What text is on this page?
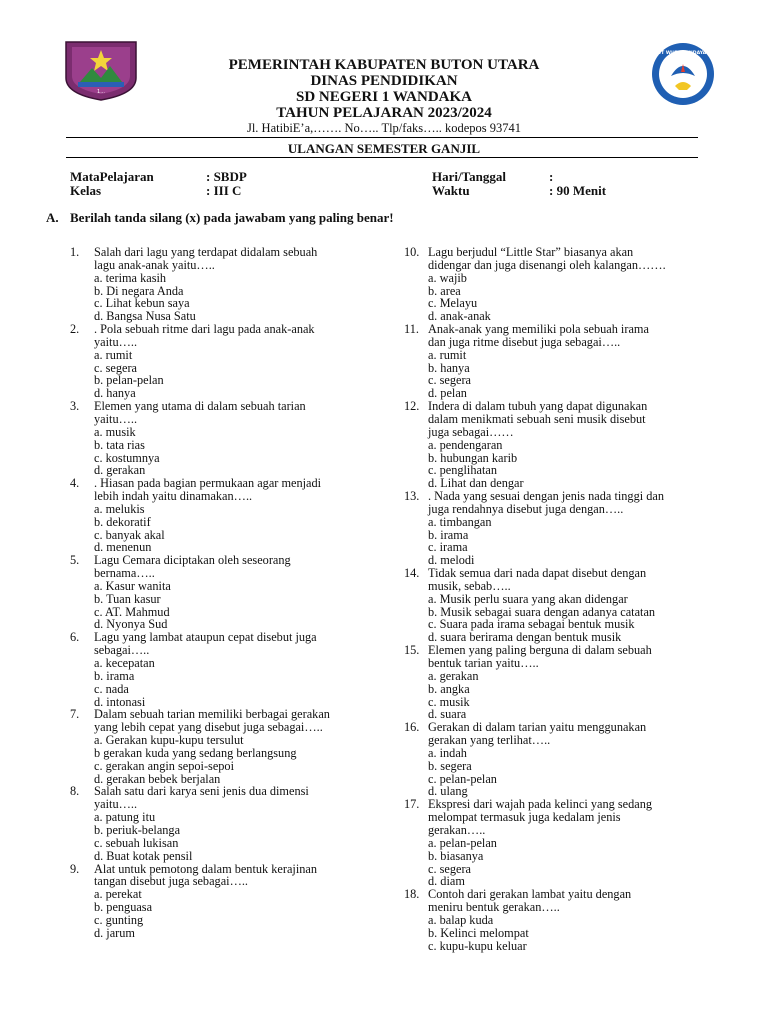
1...
TUT WURI HANDAYANI
PEMERINTAH KABUPATEN BUTON UTARA
DINAS PENDIDIKAN
SD NEGERI 1 WANDAKA
TAHUN PELAJARAN 2023/2024
Jl. HatibiE’a,……. No….. Tlp/faks….. kodepos 93741
ULANGAN SEMESTER GANJIL
MataPelajaran	: SBDP
Kelas	: III C
Hari/Tanggal	:
Waktu	: 90 Menit
A. Berilah tanda silang (x) pada jawabam yang paling benar!
1. Salah dari lagu yang terdapat didalam sebuah
lagu anak-anak yaitu…..
a. terima kasih
b. Di negara Anda
c. Lihat kebun saya
d. Bangsa Nusa Satu
2. . Pola sebuah ritme dari lagu pada anak-anak
yaitu…..
a. rumit
c. segera
b. pelan-pelan
d. hanya
3. Elemen yang utama di dalam sebuah tarian
yaitu…..
a. musik
b. tata rias
c. kostumnya
d. gerakan
4. . Hiasan pada bagian permukaan agar menjadi
lebih indah yaitu dinamakan…..
a. melukis
b. dekoratif
c. banyak akal
d. menenun
5. Lagu Cemara diciptakan oleh seseorang
bernama…..
a. Kasur wanita
b. Tuan kasur
c. AT. Mahmud
d. Nyonya Sud
6. Lagu yang lambat ataupun cepat disebut juga
sebagai…..
a. kecepatan
b. irama
c. nada
d. intonasi
7. Dalam sebuah tarian memiliki berbagai gerakan
yang lebih cepat yang disebut juga sebagai…..
a. Gerakan kupu-kupu tersulut
b gerakan kuda yang sedang berlangsung
c. gerakan angin sepoi-sepoi
d. gerakan bebek berjalan
8. Salah satu dari karya seni jenis dua dimensi
yaitu…..
a. patung itu
b. periuk-belanga
c. sebuah lukisan
d. Buat kotak pensil
9. Alat untuk pemotong dalam bentuk kerajinan
tangan disebut juga sebagai…..
a. perekat
b. penguasa
c. gunting
d. jarum
10. Lagu berjudul “Little Star” biasanya akan
didengar dan juga disenangi oleh kalangan…….
a. wajib
b. area
c. Melayu
d. anak-anak
11. Anak-anak yang memiliki pola sebuah irama
dan juga ritme disebut juga sebagai…..
a. rumit
b. hanya
c. segera
d. pelan
12. Indera di dalam tubuh yang dapat digunakan
dalam menikmati sebuah seni musik disebut
juga sebagai……
a. pendengaran
b. hubungan karib
c. penglihatan
d. Lihat dan dengar
13. . Nada yang sesuai dengan jenis nada tinggi dan
juga rendahnya disebut juga dengan…..
a. timbangan
b. irama
c. irama
d. melodi
14. Tidak semua dari nada dapat disebut dengan
musik, sebab…..
a. Musik perlu suara yang akan didengar
b. Musik sebagai suara dengan adanya catatan
c. Suara pada irama sebagai bentuk musik
d. suara berirama dengan bentuk musik
15. Elemen yang paling berguna di dalam sebuah
bentuk tarian yaitu…..
a. gerakan
b. angka
c. musik
d. suara
16. Gerakan di dalam tarian yaitu menggunakan
gerakan yang terlihat…..
a. indah
b. segera
c. pelan-pelan
d. ulang
17. Ekspresi dari wajah pada kelinci yang sedang
melompat termasuk juga kedalam jenis
gerakan…..
a. pelan-pelan
b. biasanya
c. segera
d. diam
18. Contoh dari gerakan lambat yaitu dengan
meniru bentuk gerakan…..
a. balap kuda
b. Kelinci melompat
c. kupu-kupu keluar
